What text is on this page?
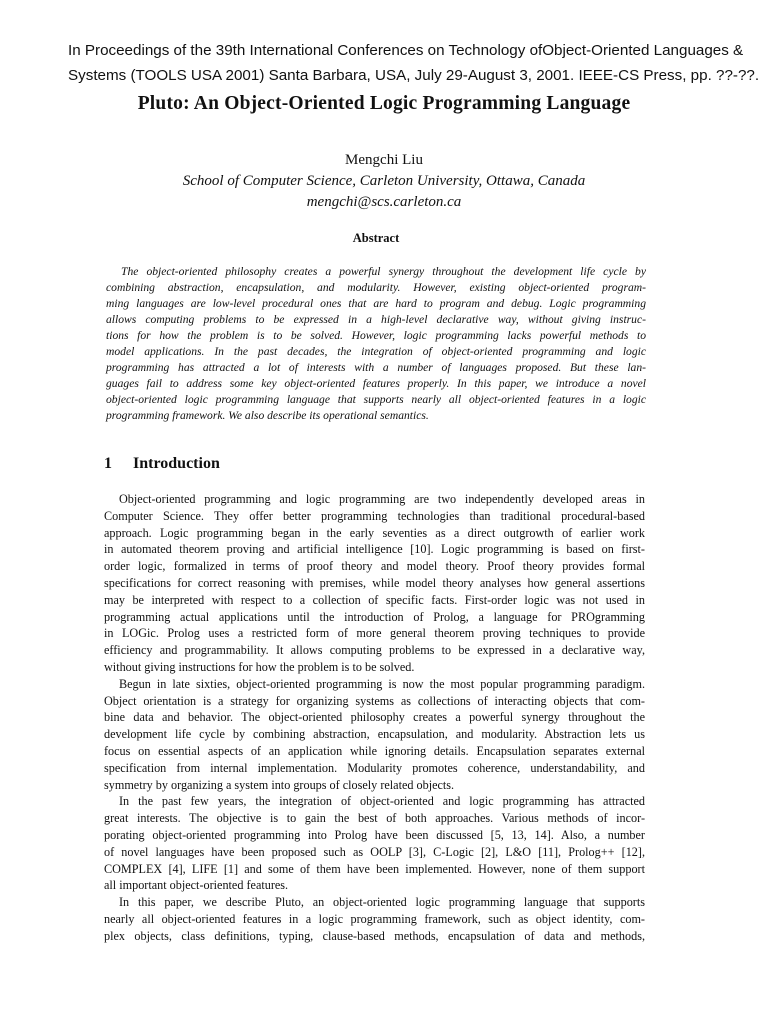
In Proceedings of the 39th International Conferences on Technology ofObject-Oriented Languages &
Systems (TOOLS USA 2001) Santa Barbara, USA, July 29-August 3, 2001. IEEE-CS Press, pp. ??-??.
Pluto: An Object-Oriented Logic Programming Language
Mengchi Liu
School of Computer Science, Carleton University, Ottawa, Canada
mengchi@scs.carleton.ca
Abstract
The object-oriented philosophy creates a powerful synergy throughout the development life cycle by
combining abstraction, encapsulation, and modularity. However, existing object-oriented program-
ming languages are low-level procedural ones that are hard to program and debug. Logic programming
allows computing problems to be expressed in a high-level declarative way, without giving instruc-
tions for how the problem is to be solved. However, logic programming lacks powerful methods to
model applications. In the past decades, the integration of object-oriented programming and logic
programming has attracted a lot of interests with a number of languages proposed. But these lan-
guages fail to address some key object-oriented features properly. In this paper, we introduce a novel
object-oriented logic programming language that supports nearly all object-oriented features in a logic
programming framework. We also describe its operational semantics.
1 Introduction
Object-oriented programming and logic programming are two independently developed areas in
Computer Science. They offer better programming technologies than traditional procedural-based
approach. Logic programming began in the early seventies as a direct outgrowth of earlier work
in automated theorem proving and artificial intelligence [10]. Logic programming is based on first-
order logic, formalized in terms of proof theory and model theory. Proof theory provides formal
specifications for correct reasoning with premises, while model theory analyses how general assertions
may be interpreted with respect to a collection of specific facts. First-order logic was not used in
programming actual applications until the introduction of Prolog, a language for PROgramming
in LOGic. Prolog uses a restricted form of more general theorem proving techniques to provide
efficiency and programmability. It allows computing problems to be expressed in a declarative way,
without giving instructions for how the problem is to be solved.
Begun in late sixties, object-oriented programming is now the most popular programming paradigm.
Object orientation is a strategy for organizing systems as collections of interacting objects that com-
bine data and behavior. The object-oriented philosophy creates a powerful synergy throughout the
development life cycle by combining abstraction, encapsulation, and modularity. Abstraction lets us
focus on essential aspects of an application while ignoring details. Encapsulation separates external
specification from internal implementation. Modularity promotes coherence, understandability, and
symmetry by organizing a system into groups of closely related objects.
In the past few years, the integration of object-oriented and logic programming has attracted
great interests. The objective is to gain the best of both approaches. Various methods of incor-
porating object-oriented programming into Prolog have been discussed [5, 13, 14]. Also, a number
of novel languages have been proposed such as OOLP [3], C-Logic [2], L&O [11], Prolog++ [12],
COMPLEX [4], LIFE [1] and some of them have been implemented. However, none of them support
all important object-oriented features.
In this paper, we describe Pluto, an object-oriented logic programming language that supports
nearly all object-oriented features in a logic programming framework, such as object identity, com-
plex objects, class definitions, typing, clause-based methods, encapsulation of data and methods,
